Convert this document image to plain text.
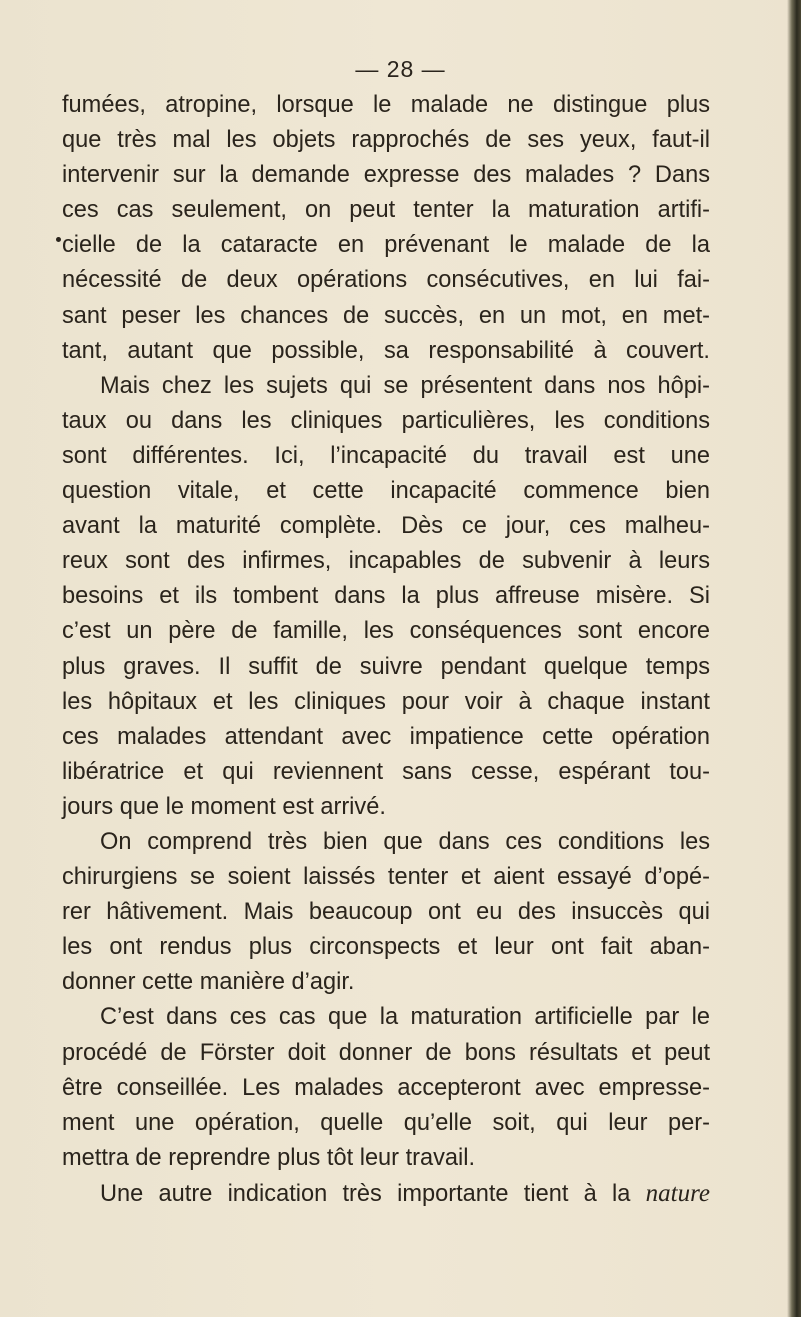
— 28 —
fumées, atropine, lorsque le malade ne distingue plus
que très mal les objets rapprochés de ses yeux, faut-il
intervenir sur la demande expresse des malades ? Dans
ces cas seulement, on peut tenter la maturation artifi-
cielle de la cataracte en prévenant le malade de la
nécessité de deux opérations consécutives, en lui fai-
sant peser les chances de succès, en un mot, en met-
tant, autant que possible, sa responsabilité à couvert.
Mais chez les sujets qui se présentent dans nos hôpi-
taux ou dans les cliniques particulières, les conditions
sont différentes. Ici, l’incapacité du travail est une
question vitale, et cette incapacité commence bien
avant la maturité complète. Dès ce jour, ces malheu-
reux sont des infirmes, incapables de subvenir à leurs
besoins et ils tombent dans la plus affreuse misère. Si
c’est un père de famille, les conséquences sont encore
plus graves. Il suffit de suivre pendant quelque temps
les hôpitaux et les cliniques pour voir à chaque instant
ces malades attendant avec impatience cette opération
libératrice et qui reviennent sans cesse, espérant tou-
jours que le moment est arrivé.
On comprend très bien que dans ces conditions les
chirurgiens se soient laissés tenter et aient essayé d’opé-
rer hâtivement. Mais beaucoup ont eu des insuccès qui
les ont rendus plus circonspects et leur ont fait aban-
donner cette manière d’agir.
C’est dans ces cas que la maturation artificielle par le
procédé de Förster doit donner de bons résultats et peut
être conseillée. Les malades accepteront avec empresse-
ment une opération, quelle qu’elle soit, qui leur per-
mettra de reprendre plus tôt leur travail.
Une autre indication très importante tient à la nature
